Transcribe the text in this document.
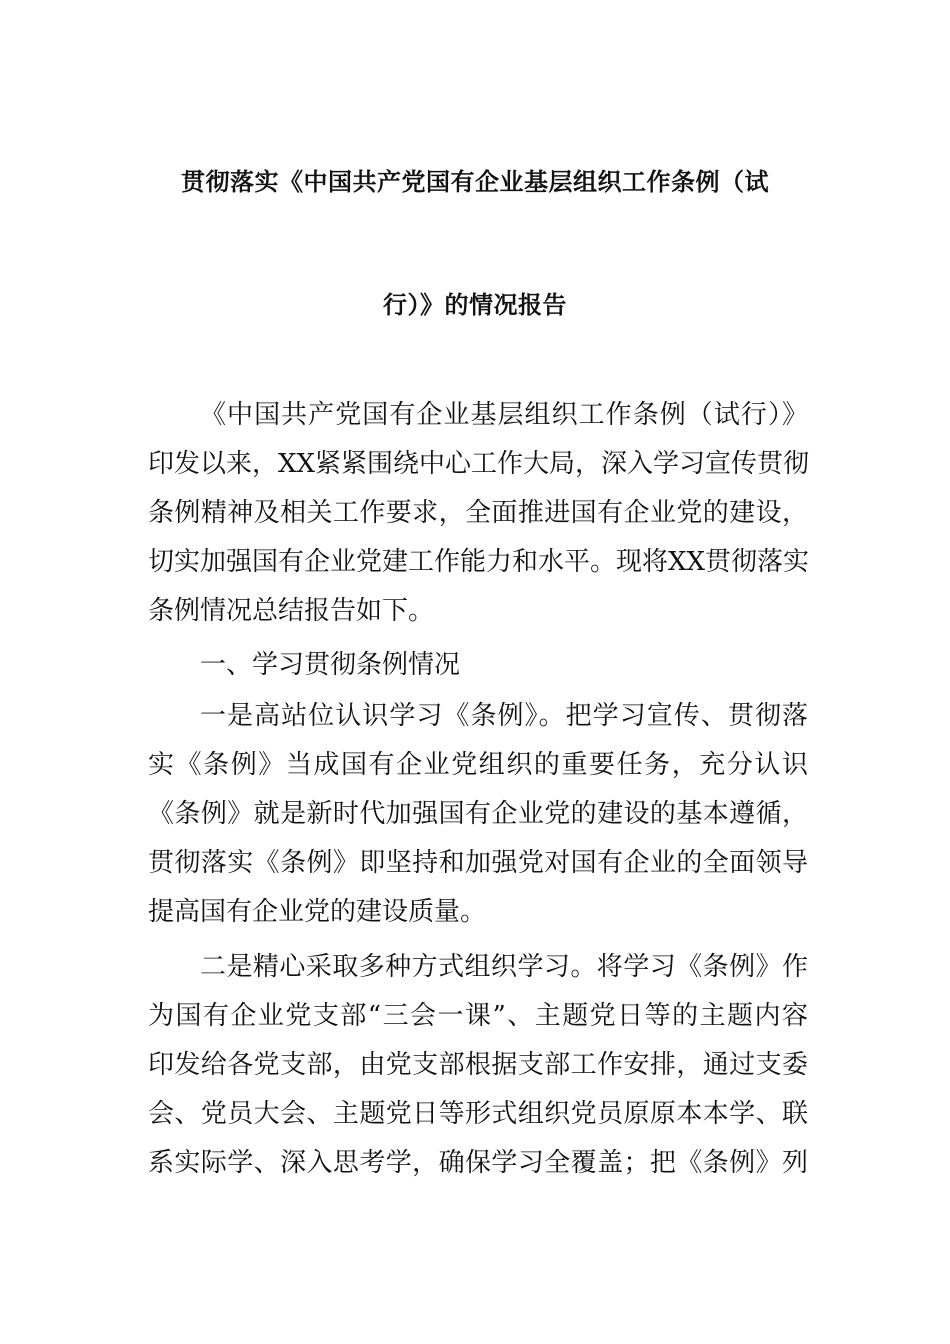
贯彻落实《中国共产党国有企业基层组织工作条例（试
行）》的情况报告
《中国共产党国有企业基层组织工作条例（试行）》
印发以来，XX紧紧围绕中心工作大局，深入学习宣传贯彻
条例精神及相关工作要求，全面推进国有企业党的建设，
切实加强国有企业党建工作能力和水平。现将XX贯彻落实
条例情况总结报告如下。
一、学习贯彻条例情况
一是高站位认识学习《条例》。把学习宣传、贯彻落
实《条例》当成国有企业党组织的重要任务，充分认识
《条例》就是新时代加强国有企业党的建设的基本遵循，
贯彻落实《条例》即坚持和加强党对国有企业的全面领导
提高国有企业党的建设质量。
二是精心采取多种方式组织学习。将学习《条例》作
为国有企业党支部“三会一课”、主题党日等的主题内容
印发给各党支部，由党支部根据支部工作安排，通过支委
会、党员大会、主题党日等形式组织党员原原本本学、联
系实际学、深入思考学，确保学习全覆盖；把《条例》列
